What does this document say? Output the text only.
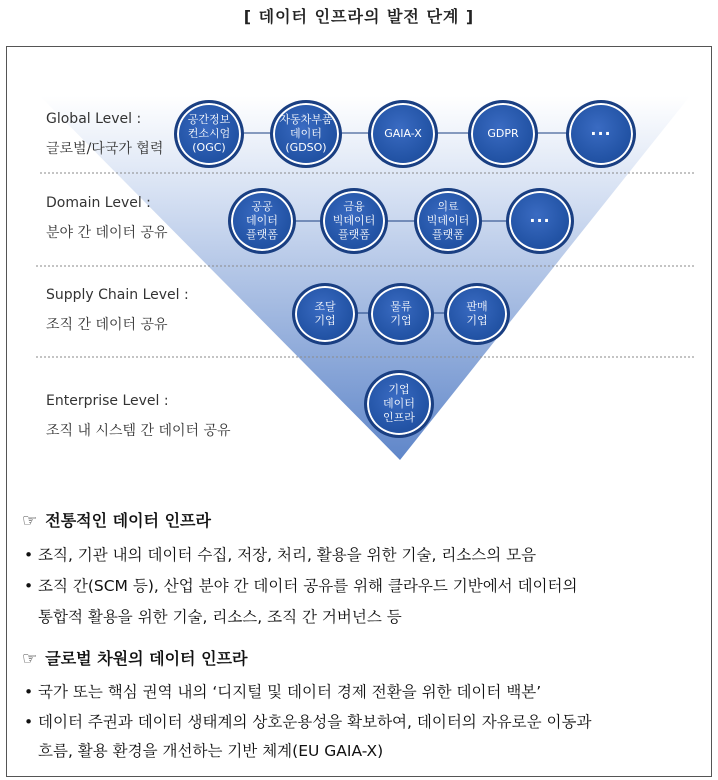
[ 데이터 인프라의 발전 단계 ]
Global Level :
글로벌/다국가 협력
Domain Level :
분야 간 데이터 공유
Supply Chain Level :
조직 간 데이터 공유
Enterprise Level :
조직 내 시스템 간 데이터 공유
공간정보
컨소시엄
(OGC)
자동차부품
데이터
(GDSO)
GAIA-X	GDPR	···
공공
데이터
플랫폼
금융
빅데이터
플랫폼
의료
빅데이터
플랫폼
···
조달
기업
물류
기업
판매
기업
기업
데이터
인프라
☞ 전통적인 데이터 인프라
• 조직, 기관 내의 데이터 수집, 저장, 처리, 활용을 위한 기술, 리소스의 모음
• 조직 간(SCM 등), 산업 분야 간 데이터 공유를 위해 클라우드 기반에서 데이터의
통합적 활용을 위한 기술, 리소스, 조직 간 거버넌스 등
☞ 글로벌 차원의 데이터 인프라
• 국가 또는 핵심 권역 내의 ‘디지털 및 데이터 경제 전환을 위한 데이터 백본’
• 데이터 주권과 데이터 생태계의 상호운용성을 확보하여, 데이터의 자유로운 이동과
흐름, 활용 환경을 개선하는 기반 체계(EU GAIA-X)
